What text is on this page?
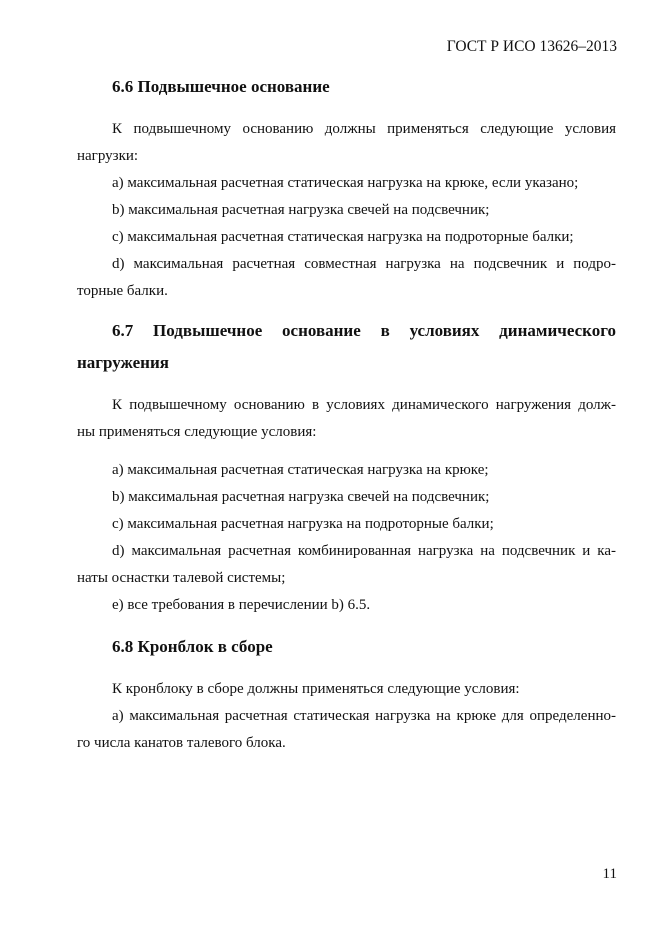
ГОСТ Р ИСО 13626–2013
6.6 Подвышечное основание
К подвышечному основанию должны применяться следующие условия
нагрузки:
a) максимальная расчетная статическая нагрузка на крюке, если указано;
b) максимальная расчетная нагрузка свечей на подсвечник;
c) максимальная расчетная статическая нагрузка на подроторные балки;
d) максимальная расчетная совместная нагрузка на подсвечник и подро-
торные балки.
6.7 Подвышечное основание в условиях динамического
нагружения
К подвышечному основанию в условиях динамического нагружения долж-
ны применяться следующие условия:
a) максимальная расчетная статическая нагрузка на крюке;
b) максимальная расчетная нагрузка свечей на подсвечник;
c) максимальная расчетная нагрузка на подроторные балки;
d) максимальная расчетная комбинированная нагрузка на подсвечник и ка-
наты оснастки талевой системы;
e) все требования в перечислении b) 6.5.
6.8 Кронблок в сборе
К кронблоку в сборе должны применяться следующие условия:
a) максимальная расчетная статическая нагрузка на крюке для определенно-
го числа канатов талевого блока.
11
